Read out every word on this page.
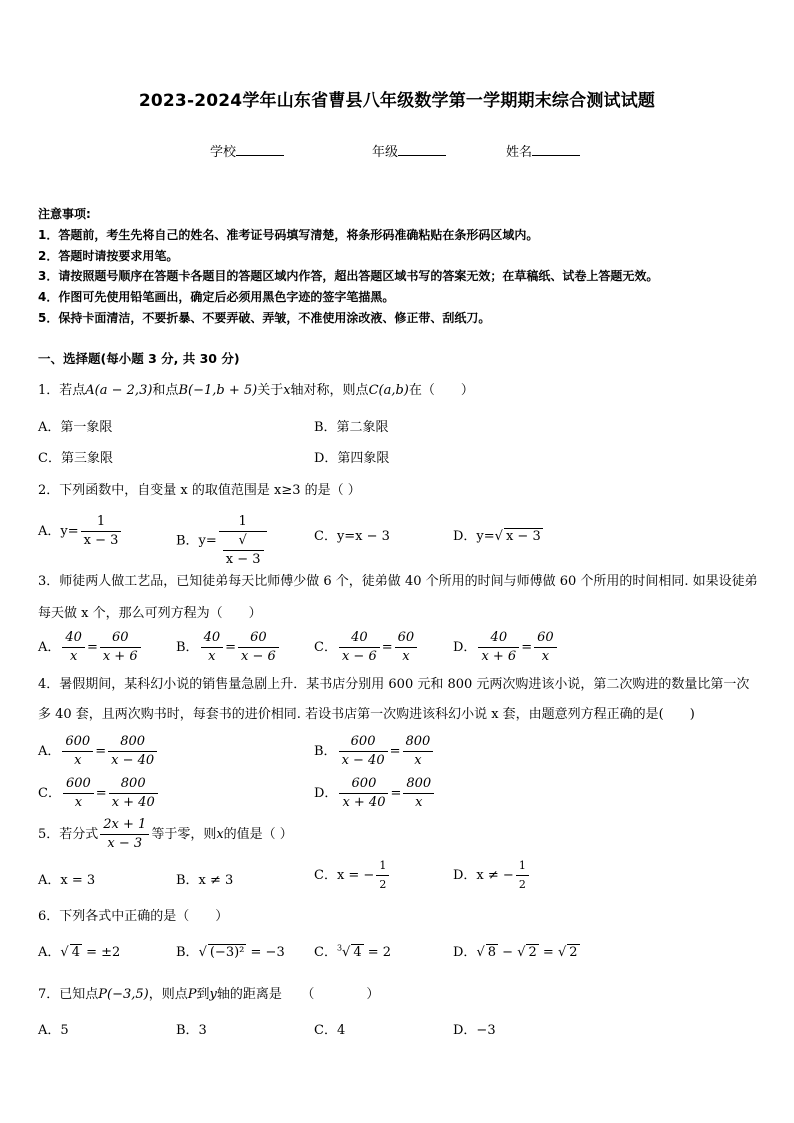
2023-2024学年山东省曹县八年级数学第一学期期末综合测试试题
学校	年级	姓名
注意事项:
1．答题前，考生先将自己的姓名、准考证号码填写清楚，将条形码准确粘贴在条形码区域内。
2．答题时请按要求用笔。
3．请按照题号顺序在答题卡各题目的答题区域内作答，超出答题区域书写的答案无效；在草稿纸、试卷上答题无效。
4．作图可先使用铅笔画出，确定后必须用黑色字迹的签字笔描黑。
5．保持卡面清洁，不要折暴、不要弄破、弄皱，不准使用涂改液、修正带、刮纸刀。
一、选择题(每小题 3 分, 共 30 分)
1．若点A(a − 2,3)和点B(−1,b + 5)关于x轴对称，则点C(a,b)在（　　）
A．第一象限	B．第二象限
C．第三象限	D．第四象限
2．下列函数中，自变量 x 的取值范围是 x≥3 的是（ ）
A．$y= \frac{1}{x - 3}$	B．y= 1
√
x − 3	C．y=x − 3	D．y=√ x − 3
3．师徒两人做工艺品，已知徒弟每天比师傅少做 6 个，徒弟做 40 个所用的时间与师傅做 60 个所用的时间相同. 如果设徒弟每天做 x 个，那么可列方程为（　　）
A． $\frac{40}{x} = \frac{60}{x + 6}$	B． $\frac{40}{x} = \frac{60}{x - 6}$	C． $\frac{40}{x - 6} = \frac{60}{x}$	D． $\frac{40}{x + 6} = \frac{60}{x}$
4．暑假期间，某科幻小说的销售量急剧上升．某书店分别用 600 元和 800 元两次购进该小说，第二次购进的数量比第一次多 40 套，且两次购书时，每套书的进价相同. 若设书店第一次购进该科幻小说 x 套，由题意列方程正确的是(　　)
A． $\frac{600}{x} = \frac{800}{x - 40}$	B． $\frac{600}{x - 40} = \frac{800}{x}$
C． $\frac{600}{x} = \frac{800}{x + 40}$	D． $\frac{600}{x + 40} = \frac{800}{x}$
5．若分式 $\frac{2x + 1}{x - 3}$ 等于零，则x的值是（ ）
A．x = 3	B．x ≠ 3	C．x = − $\frac{1}{2}$	D．x ≠ − $\frac{1}{2}$
6．下列各式中正确的是（　　）
A．√ 4 = ±2	B．√ (−3)² = −3 C．$^3$√ 4 = 2	D．√ 8 − √ 2 = √ 2
7．已知点P(−3,5)，则点P到y轴的距离是　　（　　　　）
A．5	B．3	C．4	D．−3
